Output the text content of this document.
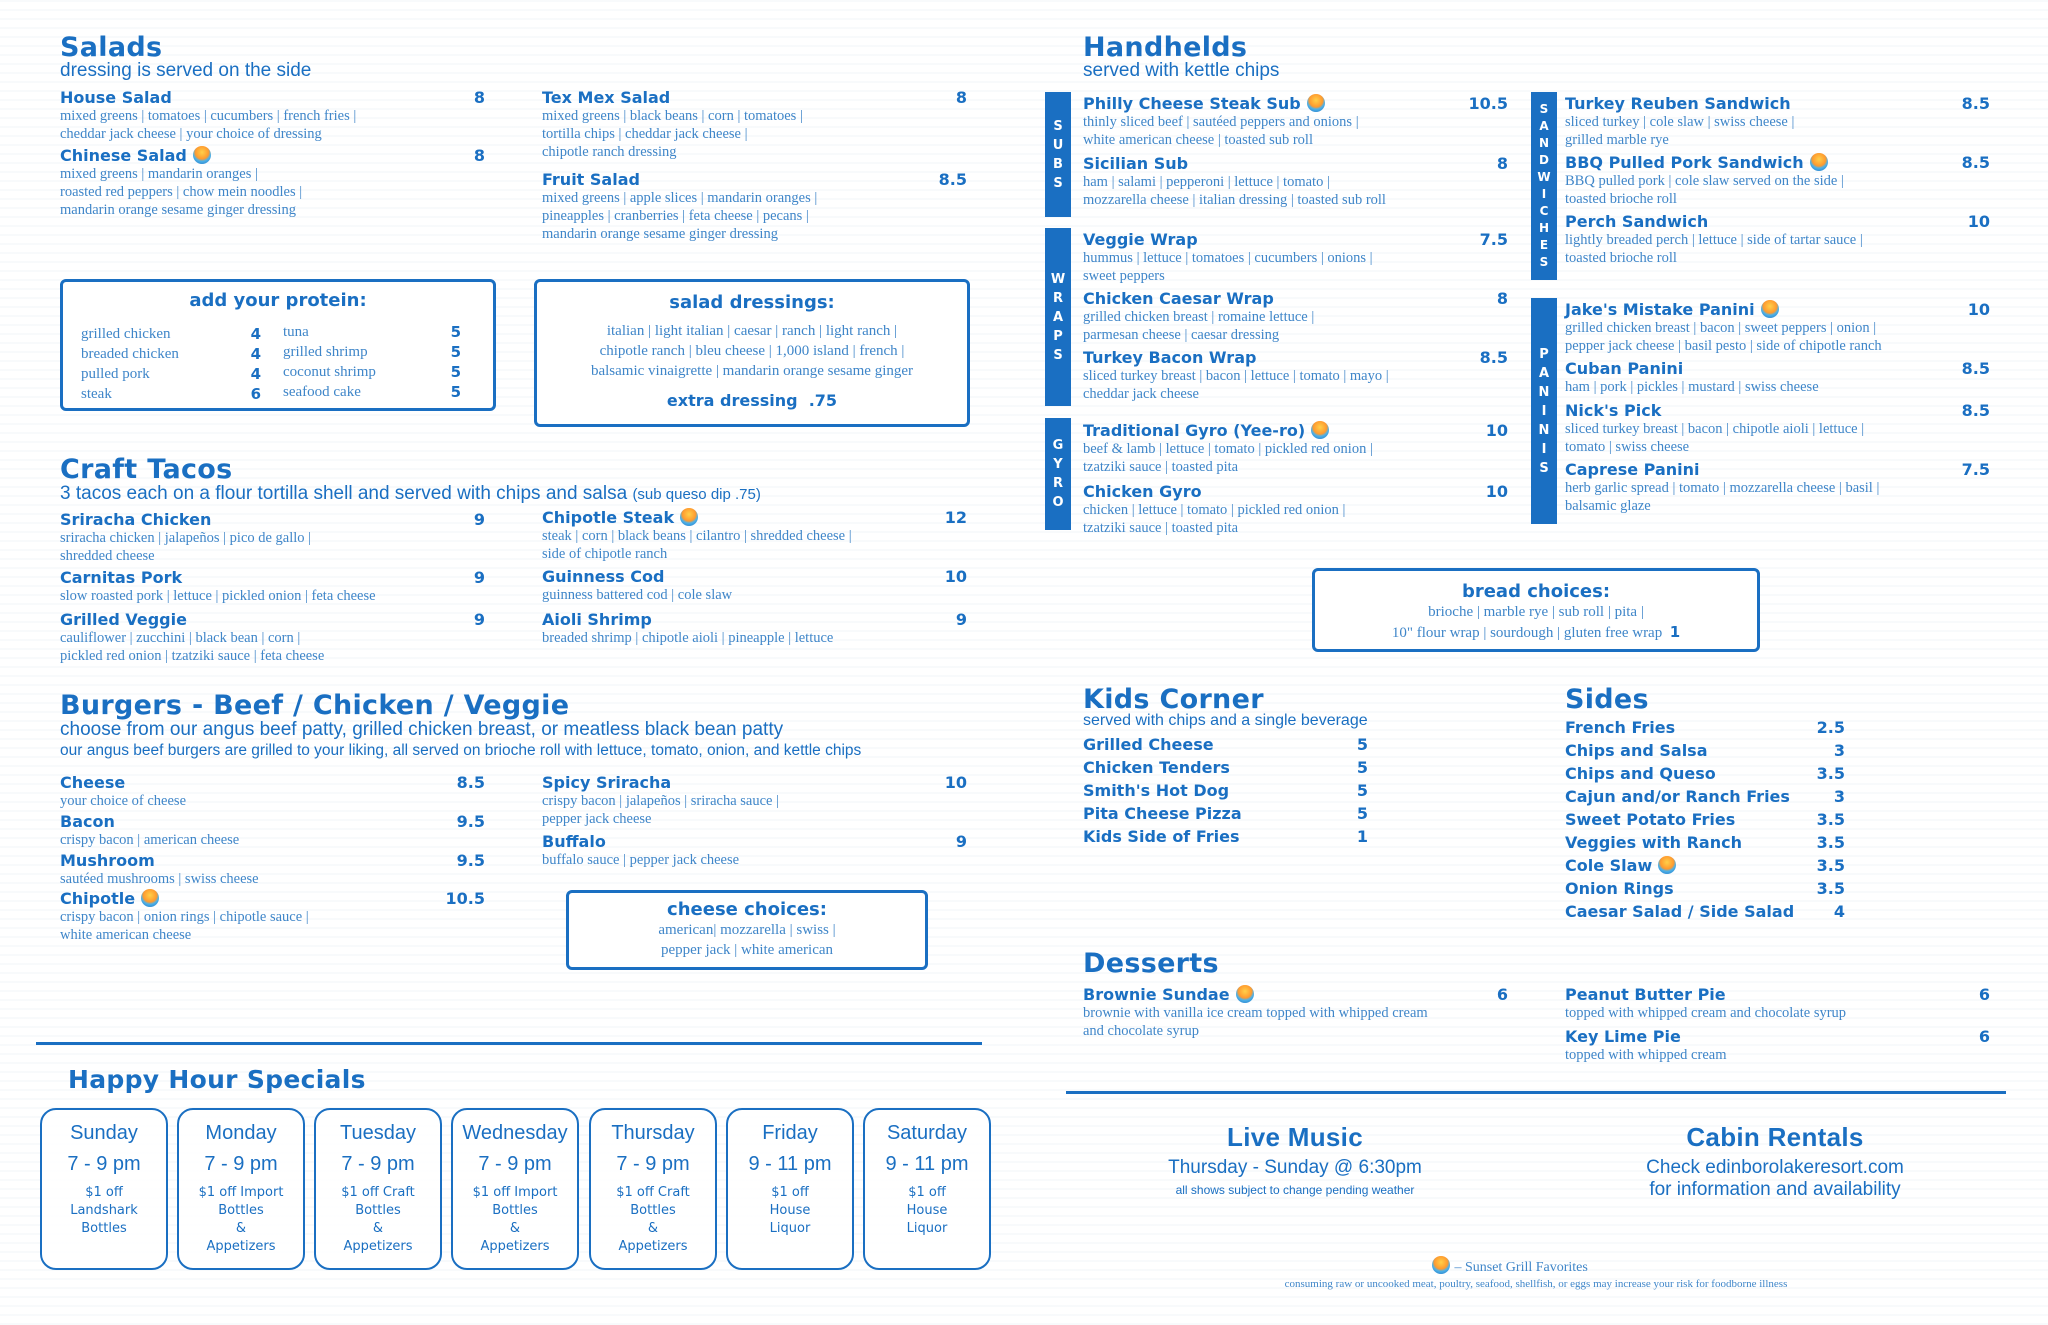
Salads
dressing is served on the side
House Salad	8
mixed greens | tomatoes | cucumbers | french fries |
cheddar jack cheese | your choice of dressing
Chinese Salad	8
mixed greens | mandarin oranges |
roasted red peppers | chow mein noodles |
mandarin orange sesame ginger dressing
Tex Mex Salad	8
mixed greens | black beans | corn | tomatoes |
tortilla chips | cheddar jack cheese |
chipotle ranch dressing
Fruit Salad	8.5
mixed greens | apple slices | mandarin oranges |
pineapples | cranberries | feta cheese | pecans |
mandarin orange sesame ginger dressing
add your protein:
grilled chicken	4
breaded chicken	4
pulled pork	4
steak	6
tuna	5
grilled shrimp	5
coconut shrimp	5
seafood cake	5
salad dressings:
italian | light italian | caesar | ranch | light ranch |
chipotle ranch | bleu cheese | 1,000 island | french |
balsamic vinaigrette | mandarin orange sesame ginger
extra dressing .75
Craft Tacos
3 tacos each on a flour tortilla shell and served with chips and salsa (sub queso dip .75)
Sriracha Chicken	9
sriracha chicken | jalapeños | pico de gallo |
shredded cheese
Carnitas Pork	9
slow roasted pork | lettuce | pickled onion | feta cheese
Grilled Veggie	9
cauliflower | zucchini | black bean | corn |
pickled red onion | tzatziki sauce | feta cheese
Chipotle Steak	12
steak | corn | black beans | cilantro | shredded cheese |
side of chipotle ranch
Guinness Cod	10
guinness battered cod | cole slaw
Aioli Shrimp	9
breaded shrimp | chipotle aioli | pineapple | lettuce
Burgers - Beef / Chicken / Veggie
choose from our angus beef patty, grilled chicken breast, or meatless black bean patty
our angus beef burgers are grilled to your liking, all served on brioche roll with lettuce, tomato, onion, and kettle chips
Cheese	8.5
your choice of cheese
Bacon	9.5
crispy bacon | american cheese
Mushroom	9.5
sautéed mushrooms | swiss cheese
Chipotle	10.5
crispy bacon | onion rings | chipotle sauce |
white american cheese
Spicy Sriracha	10
crispy bacon | jalapeños | sriracha sauce |
pepper jack cheese
Buffalo	9
buffalo sauce | pepper jack cheese
cheese choices:
american| mozzarella | swiss |
pepper jack | white american
Happy Hour Specials
Sunday
7 - 9 pm
$1 off
Landshark
Bottles
Monday
7 - 9 pm
$1 off Import
Bottles
&
Appetizers
Tuesday
7 - 9 pm
$1 off Craft
Bottles
&
Appetizers
Wednesday
7 - 9 pm
$1 off Import
Bottles
&
Appetizers
Thursday
7 - 9 pm
$1 off Craft
Bottles
&
Appetizers
Friday
9 - 11 pm
$1 off
House
Liquor
Saturday
9 - 11 pm
$1 off
House
Liquor
Handhelds
served with kettle chips
S
U
B
S
W
R
A
P
S
G
Y
R
O
Philly Cheese Steak Sub	10.5
thinly sliced beef | sautéed peppers and onions |
white american cheese | toasted sub roll
Sicilian Sub	8
ham | salami | pepperoni | lettuce | tomato |
mozzarella cheese | italian dressing | toasted sub roll
Veggie Wrap	7.5
hummus | lettuce | tomatoes | cucumbers | onions |
sweet peppers
Chicken Caesar Wrap	8
grilled chicken breast | romaine lettuce |
parmesan cheese | caesar dressing
Turkey Bacon Wrap	8.5
sliced turkey breast | bacon | lettuce | tomato | mayo |
cheddar jack cheese
Traditional Gyro (Yee-ro)	10
beef & lamb | lettuce | tomato | pickled red onion |
tzatziki sauce | toasted pita
Chicken Gyro	10
chicken | lettuce | tomato | pickled red onion |
tzatziki sauce | toasted pita
S
A
N
D
W
I
C
H
E
S
P
A
N
I
N
I
S
Turkey Reuben Sandwich	8.5
sliced turkey | cole slaw | swiss cheese |
grilled marble rye
BBQ Pulled Pork Sandwich	8.5
BBQ pulled pork | cole slaw served on the side |
toasted brioche roll
Perch Sandwich	10
lightly breaded perch | lettuce | side of tartar sauce |
toasted brioche roll
Jake's Mistake Panini	10
grilled chicken breast | bacon | sweet peppers | onion |
pepper jack cheese | basil pesto | side of chipotle ranch
Cuban Panini	8.5
ham | pork | pickles | mustard | swiss cheese
Nick's Pick	8.5
sliced turkey breast | bacon | chipotle aioli | lettuce |
tomato | swiss cheese
Caprese Panini	7.5
herb garlic spread | tomato | mozzarella cheese | basil |
balsamic glaze
bread choices:
brioche | marble rye | sub roll | pita |
10" flour wrap | sourdough | gluten free wrap 1
Kids Corner
served with chips and a single beverage
Grilled Cheese	5
Chicken Tenders	5
Smith's Hot Dog	5
Pita Cheese Pizza	5
Kids Side of Fries	1
Sides
French Fries	2.5
Chips and Salsa	3
Chips and Queso	3.5
Cajun and/or Ranch Fries	3
Sweet Potato Fries	3.5
Veggies with Ranch	3.5
Cole Slaw	3.5
Onion Rings	3.5
Caesar Salad / Side Salad	4
Desserts
Brownie Sundae	6
brownie with vanilla ice cream topped with whipped cream
and chocolate syrup
Peanut Butter Pie	6
topped with whipped cream and chocolate syrup
Key Lime Pie	6
topped with whipped cream
Live Music
Thursday - Sunday @ 6:30pm
all shows subject to change pending weather
Cabin Rentals
Check edinborolakeresort.com
for information and availability
– Sunset Grill Favorites
consuming raw or uncooked meat, poultry, seafood, shellfish, or eggs may increase your risk for foodborne illness
